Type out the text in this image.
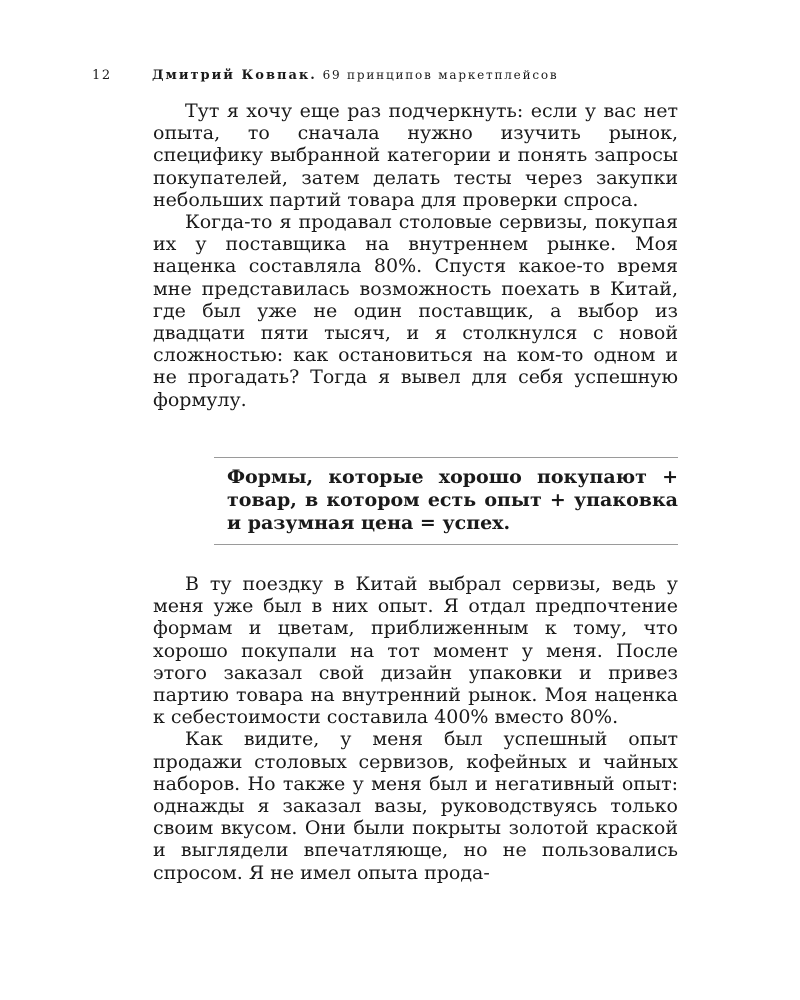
12	Дмитрий Ковпак. 69 принципов маркетплейсов

Тут я хочу еще раз подчеркнуть: если у вас нет опыта, то сначала нужно изучить рынок, специфику выбранной категории и понять запросы покупателей, затем делать тесты через закупки небольших партий товара для проверки спроса.

Когда-то я продавал столовые сервизы, покупая их у поставщика на внутреннем рынке. Моя наценка составляла 80%. Спустя какое-то время мне представилась возможность поехать в Китай, где был уже не один поставщик, а выбор из двадцати пяти тысяч, и я столкнулся с новой сложностью: как остановиться на ком-то одном и не прогадать? Тогда я вывел для себя успешную формулу.

Формы, которые хорошо покупают + товар, в котором есть опыт + упаковка и разумная цена = успех.

В ту поездку в Китай выбрал сервизы, ведь у меня уже был в них опыт. Я отдал предпочтение формам и цветам, приближенным к тому, что хорошо покупали на тот момент у меня. После этого заказал свой дизайн упаковки и привез партию товара на внутренний рынок. Моя наценка к себестоимости составила 400% вместо 80%.

Как видите, у меня был успешный опыт продажи столовых сервизов, кофейных и чайных наборов. Но также у меня был и негативный опыт: однажды я заказал вазы, руководствуясь только своим вкусом. Они были покрыты золотой краской и выглядели впечатляюще, но не пользовались спросом. Я не имел опыта прода-
